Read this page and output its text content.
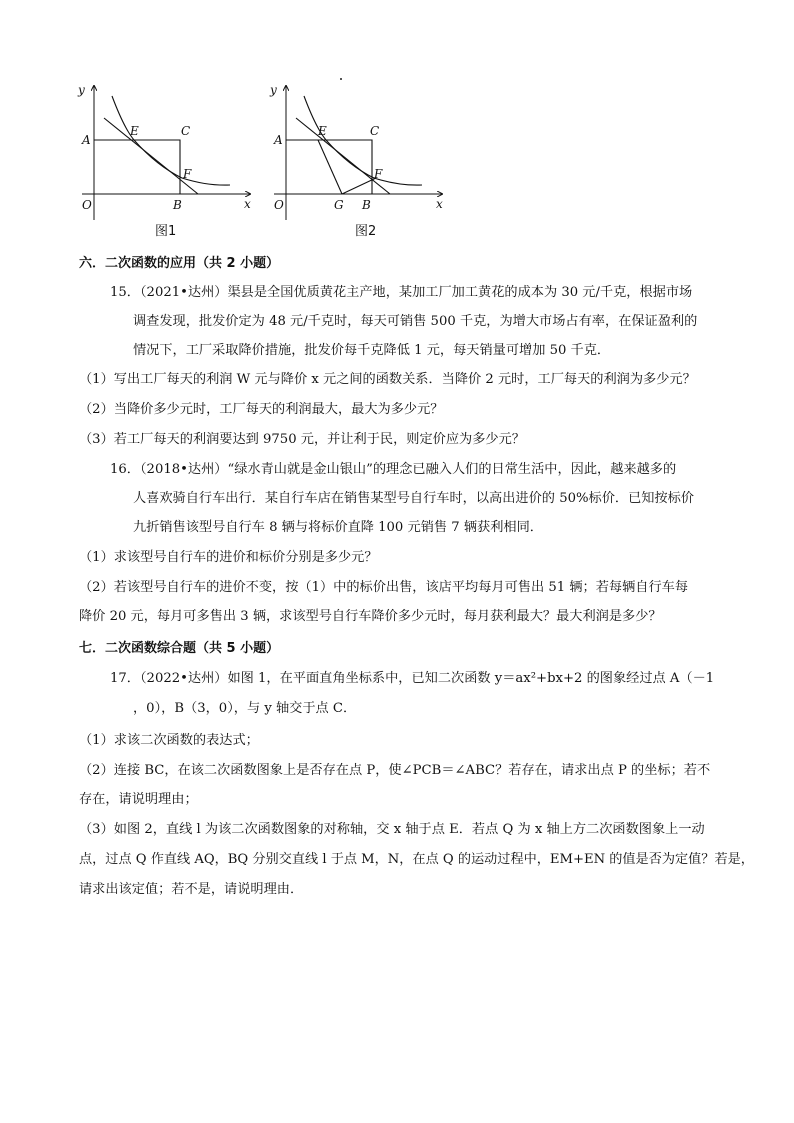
y
x
O
A
E	C
F
B
图1
y
x
O
A
E	C
F
G B
图2
六．二次函数的应用（共 2 小题）
15．（2021•达州）渠县是全国优质黄花主产地，某加工厂加工黄花的成本为 30 元/千克，根据市场
调查发现，批发价定为 48 元/千克时，每天可销售 500 千克，为增大市场占有率，在保证盈利的
情况下，工厂采取降价措施，批发价每千克降低 1 元，每天销量可增加 50 千克．
（1）写出工厂每天的利润 W 元与降价 x 元之间的函数关系．当降价 2 元时，工厂每天的利润为多少元？
（2）当降价多少元时，工厂每天的利润最大，最大为多少元？
（3）若工厂每天的利润要达到 9750 元，并让利于民，则定价应为多少元？
16．（2018•达州）“绿水青山就是金山银山”的理念已融入人们的日常生活中，因此，越来越多的
人喜欢骑自行车出行．某自行车店在销售某型号自行车时，以高出进价的 50%标价．已知按标价
九折销售该型号自行车 8 辆与将标价直降 100 元销售 7 辆获利相同．
（1）求该型号自行车的进价和标价分别是多少元？
（2）若该型号自行车的进价不变，按（1）中的标价出售，该店平均每月可售出 51 辆；若每辆自行车每
降价 20 元，每月可多售出 3 辆，求该型号自行车降价多少元时，每月获利最大？最大利润是多少？
七．二次函数综合题（共 5 小题）
17．（2022•达州）如图 1，在平面直角坐标系中，已知二次函数 y＝ax²+bx+2 的图象经过点 A（－1
，0），B（3，0），与 y 轴交于点 C．
（1）求该二次函数的表达式；
（2）连接 BC，在该二次函数图象上是否存在点 P，使∠PCB＝∠ABC？若存在，请求出点 P 的坐标；若不
存在，请说明理由；
（3）如图 2，直线 l 为该二次函数图象的对称轴，交 x 轴于点 E．若点 Q 为 x 轴上方二次函数图象上一动
点，过点 Q 作直线 AQ，BQ 分别交直线 l 于点 M，N，在点 Q 的运动过程中，EM+EN 的值是否为定值？若是，
请求出该定值；若不是，请说明理由．
